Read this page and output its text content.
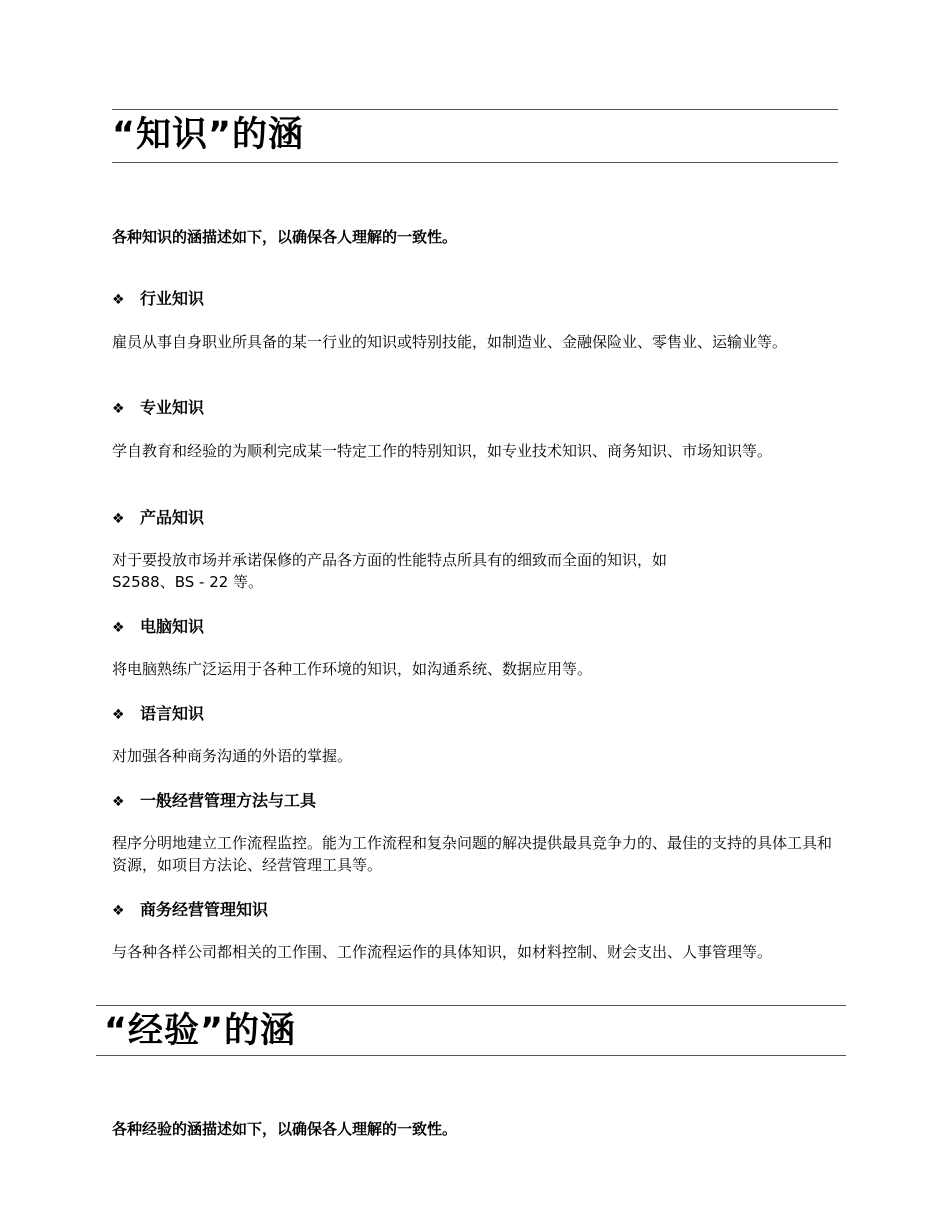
“知识”的涵

各种知识的涵描述如下，以确保各人理解的一致性。

❖ 行业知识

雇员从事自身职业所具备的某一行业的知识或特别技能，如制造业、金融保险业、零售业、运输业等。

❖ 专业知识

学自教育和经验的为顺利完成某一特定工作的特别知识，如专业技术知识、商务知识、市场知识等。

❖ 产品知识

对于要投放市场并承诺保修的产品各方面的性能特点所具有的细致而全面的知识，如
S2588、BS - 22 等。

❖ 电脑知识

将电脑熟练广泛运用于各种工作环境的知识，如沟通系统、数据应用等。

❖ 语言知识

对加强各种商务沟通的外语的掌握。

❖ 一般经营管理方法与工具

程序分明地建立工作流程监控。能为工作流程和复杂问题的解决提供最具竞争力的、最佳的支持的具体工具和资源，如项目方法论、经营管理工具等。

❖ 商务经营管理知识

与各种各样公司都相关的工作围、工作流程运作的具体知识，如材料控制、财会支出、人事管理等。

“经验”的涵

各种经验的涵描述如下，以确保各人理解的一致性。
